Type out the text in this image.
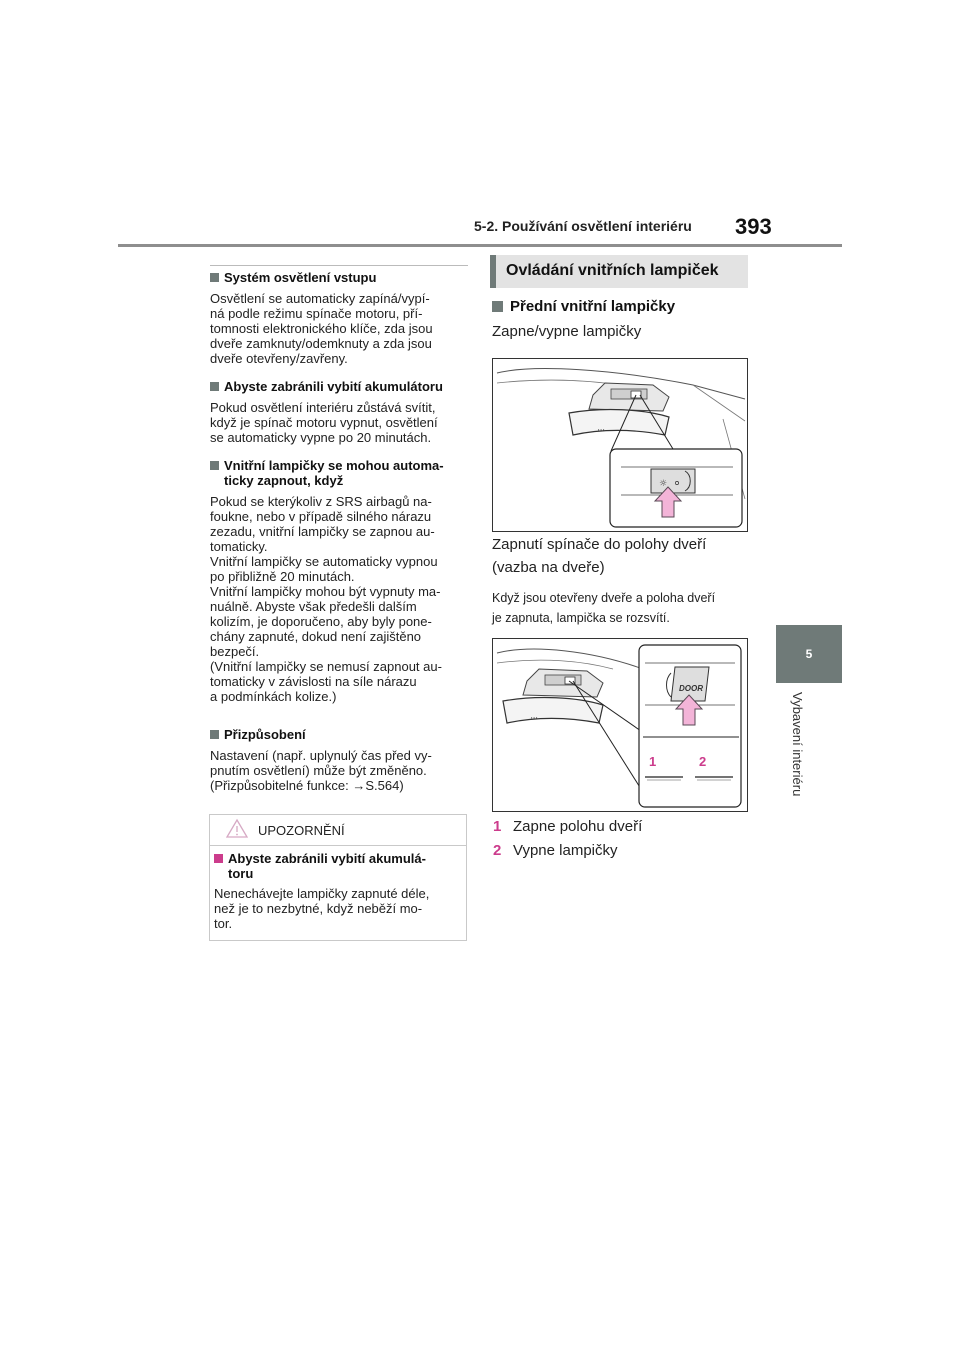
5-2. Používání osvětlení interiéru 393
5
Vybavení interiéru
Systém osvětlení vstupu
Osvětlení se automaticky zapíná/vypí-
ná podle režimu spínače motoru, pří-
tomnosti elektronického klíče, zda jsou
dveře zamknuty/odemknuty a zda jsou
dveře otevřeny/zavřeny.
Abyste zabránili vybití akumulátoru
Pokud osvětlení interiéru zůstává svítit,
když je spínač motoru vypnut, osvětlení
se automaticky vypne po 20 minutách.
Vnitřní lampičky se mohou automa-
ticky zapnout, když
Pokud se kterýkoliv z SRS airbagů na-
foukne, nebo v případě silného nárazu
zezadu, vnitřní lampičky se zapnou au-
tomaticky.
Vnitřní lampičky se automaticky vypnou
po přibližně 20 minutách.
Vnitřní lampičky mohou být vypnuty ma-
nuálně. Abyste však předešli dalším
kolizím, je doporučeno, aby byly pone-
chány zapnuté, dokud není zajištěno
bezpečí.
(Vnitřní lampičky se nemusí zapnout au-
tomaticky v závislosti na síle nárazu
a podmínkách kolize.)
Přizpůsobení
Nastavení (např. uplynulý čas před vy-
pnutím osvětlení) může být změněno.
(Přizpůsobitelné funkce: →S.564)
UPOZORNĚNÍ
Abyste zabránili vybití akumulá-
toru
Nenechávejte lampičky zapnuté déle,
než je to nezbytné, když neběží mo-
tor.
Ovládání vnitřních lampiček
Přední vnitřní lampičky
Zapne/vypne lampičky
▪ ▪ ▪
☼
Zapnutí spínače do polohy dveří
(vazba na dveře)
Když jsou otevřeny dveře a poloha dveří
je zapnuta, lampička se rozsvítí.
▪ ▪ ▪
DOOR
1	2
1 Zapne polohu dveří
2 Vypne lampičky
